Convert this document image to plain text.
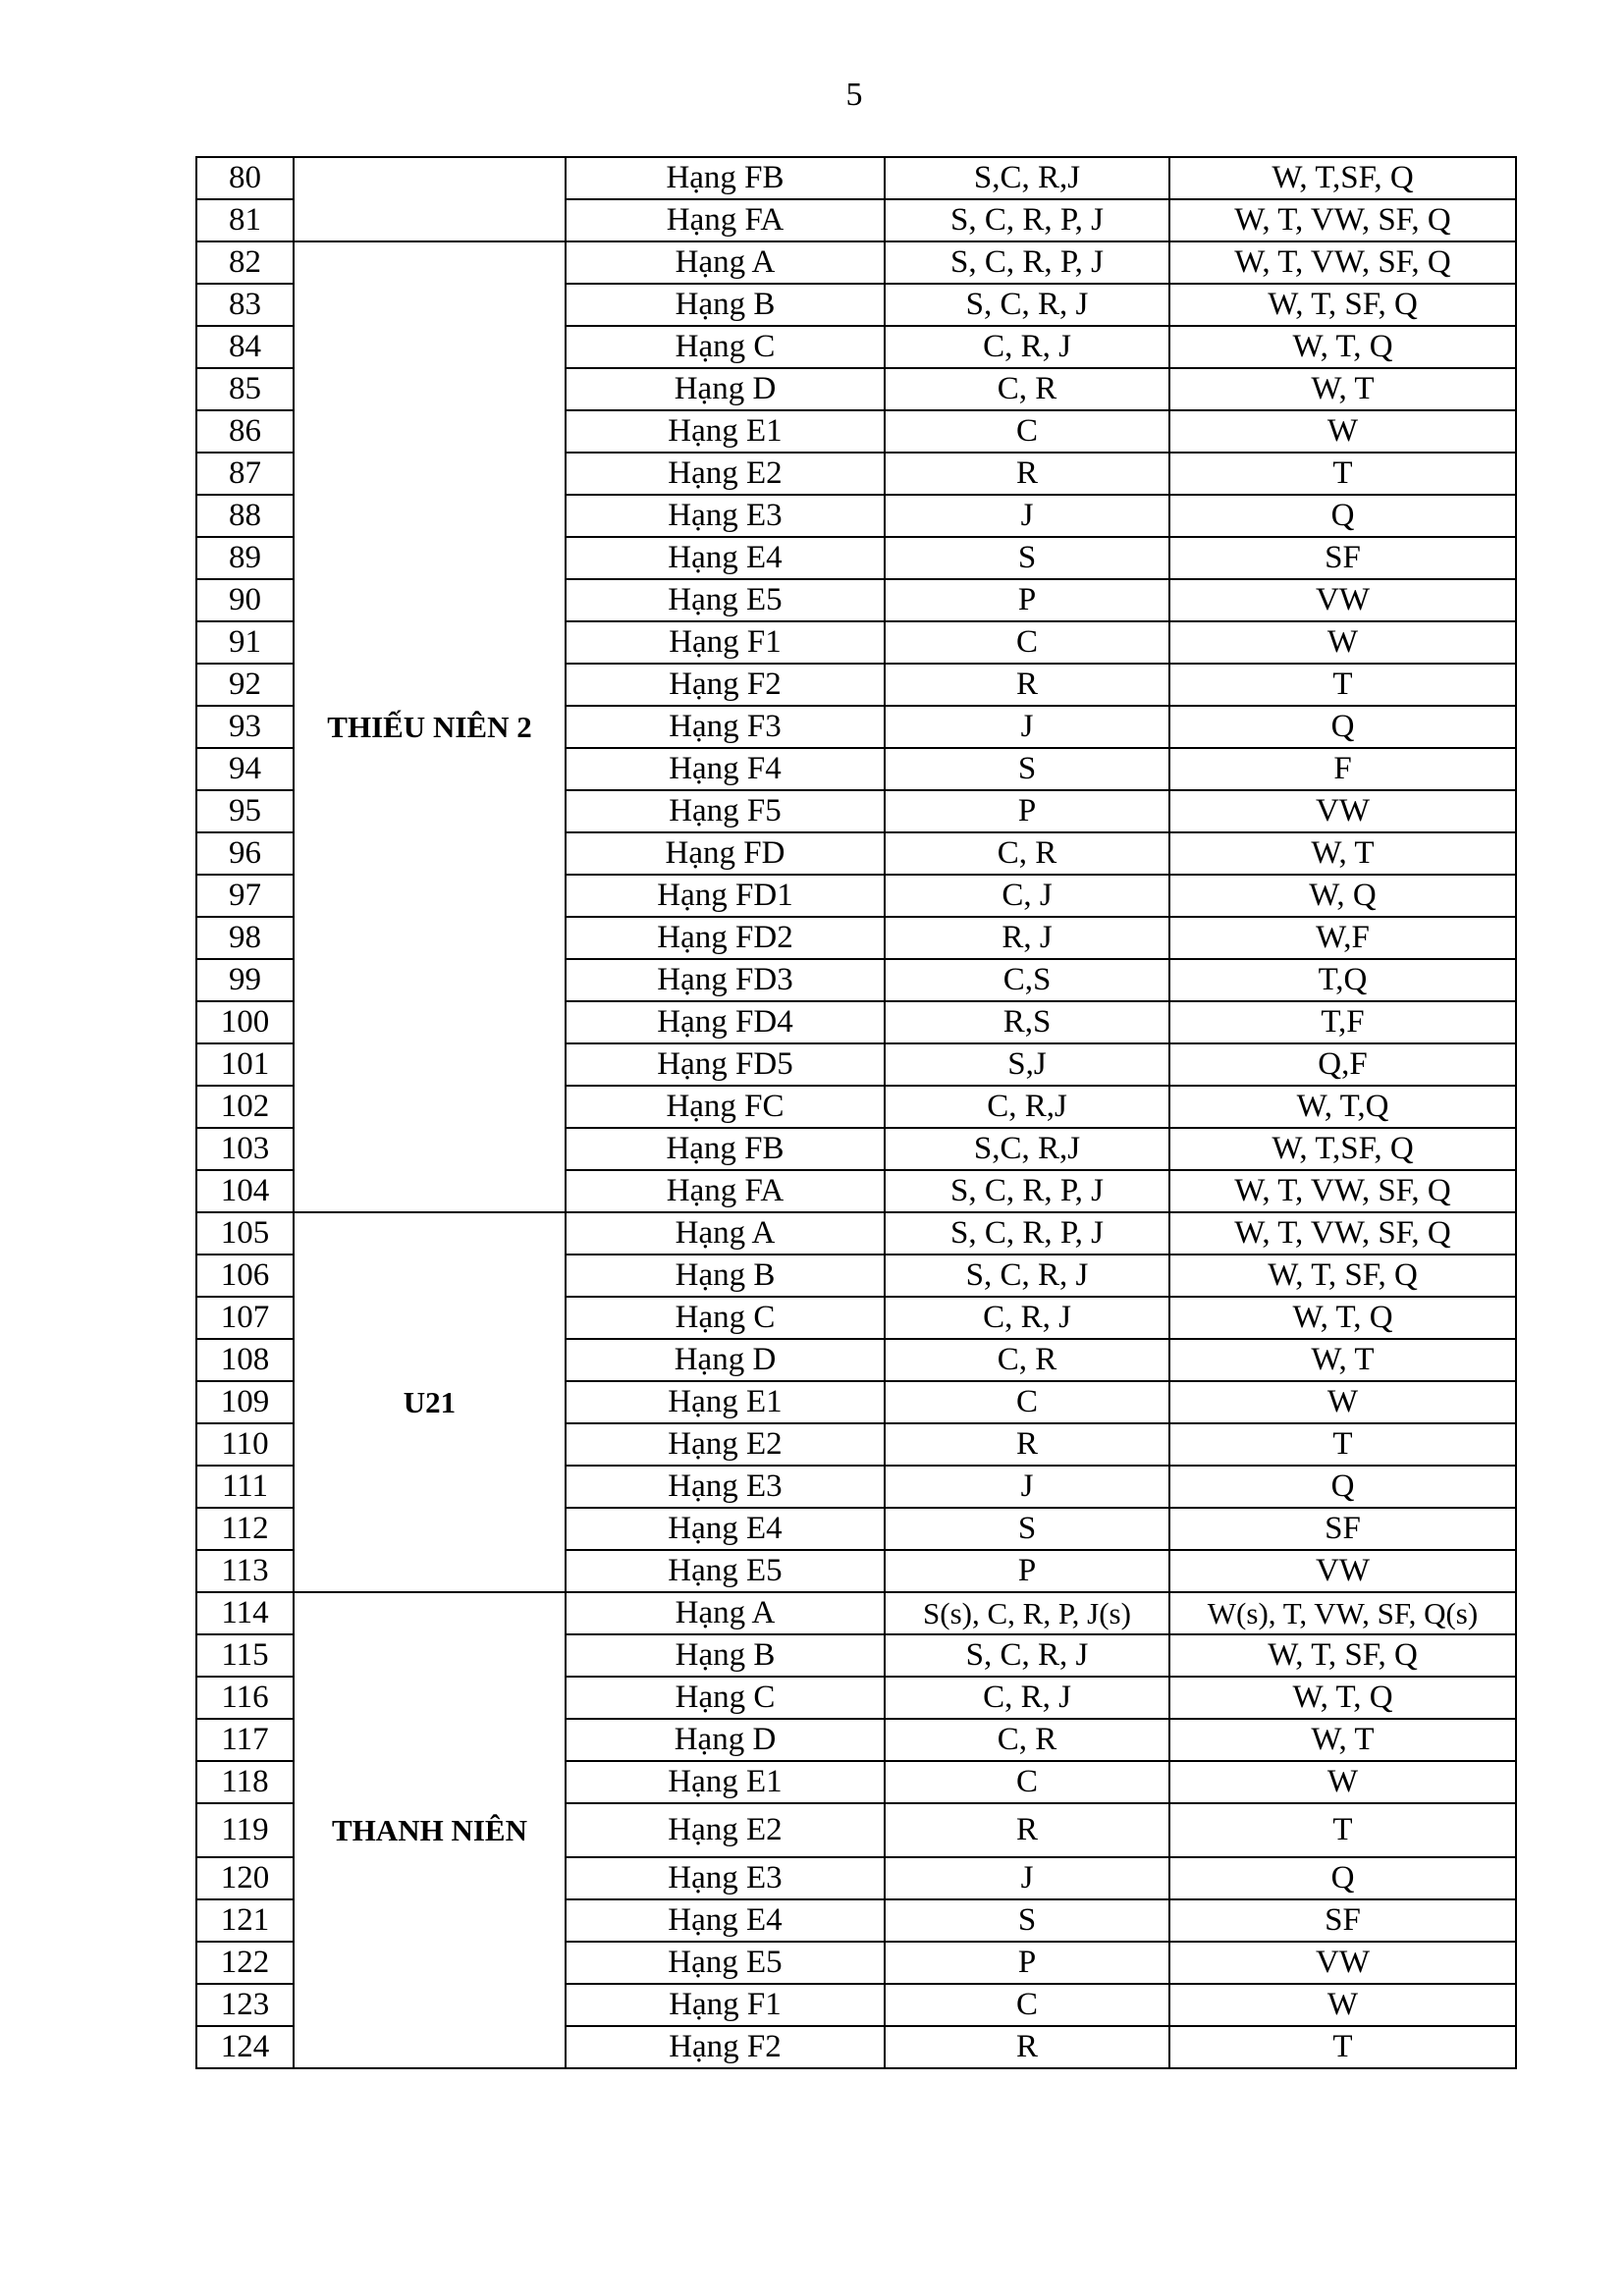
5
80		Hạng FB	S,C, R,J	W, T,SF, Q
81		Hạng FA	S, C, R, P, J	W, T, VW, SF, Q
82	THIẾU NIÊN 2	Hạng A	S, C, R, P, J	W, T, VW, SF, Q
83		Hạng B	S, C, R, J	W, T, SF, Q
84		Hạng C	C, R, J	W, T, Q
85		Hạng D	C, R	W, T
86		Hạng E1	C	W
87		Hạng E2	R	T
88		Hạng E3	J	Q
89		Hạng E4	S	SF
90		Hạng E5	P	VW
91		Hạng F1	C	W
92		Hạng F2	R	T
93		Hạng F3	J	Q
94		Hạng F4	S	F
95		Hạng F5	P	VW
96		Hạng FD	C, R	W, T
97		Hạng FD1	C, J	W, Q
98		Hạng FD2	R, J	W,F
99		Hạng FD3	C,S	T,Q
100		Hạng FD4	R,S	T,F
101		Hạng FD5	S,J	Q,F
102		Hạng FC	C, R,J	W, T,Q
103		Hạng FB	S,C, R,J	W, T,SF, Q
104		Hạng FA	S, C, R, P, J	W, T, VW, SF, Q
105	U21	Hạng A	S, C, R, P, J	W, T, VW, SF, Q
106		Hạng B	S, C, R, J	W, T, SF, Q
107		Hạng C	C, R, J	W, T, Q
108		Hạng D	C, R	W, T
109		Hạng E1	C	W
110		Hạng E2	R	T
111		Hạng E3	J	Q
112		Hạng E4	S	SF
113		Hạng E5	P	VW
114	THANH NIÊN	Hạng A	S(s), C, R, P, J(s)	W(s), T, VW, SF, Q(s)
115		Hạng B	S, C, R, J	W, T, SF, Q
116		Hạng C	C, R, J	W, T, Q
117		Hạng D	C, R	W, T
118		Hạng E1	C	W
119		Hạng E2	R	T
120		Hạng E3	J	Q
121		Hạng E4	S	SF
122		Hạng E5	P	VW
123		Hạng F1	C	W
124		Hạng F2	R	T
